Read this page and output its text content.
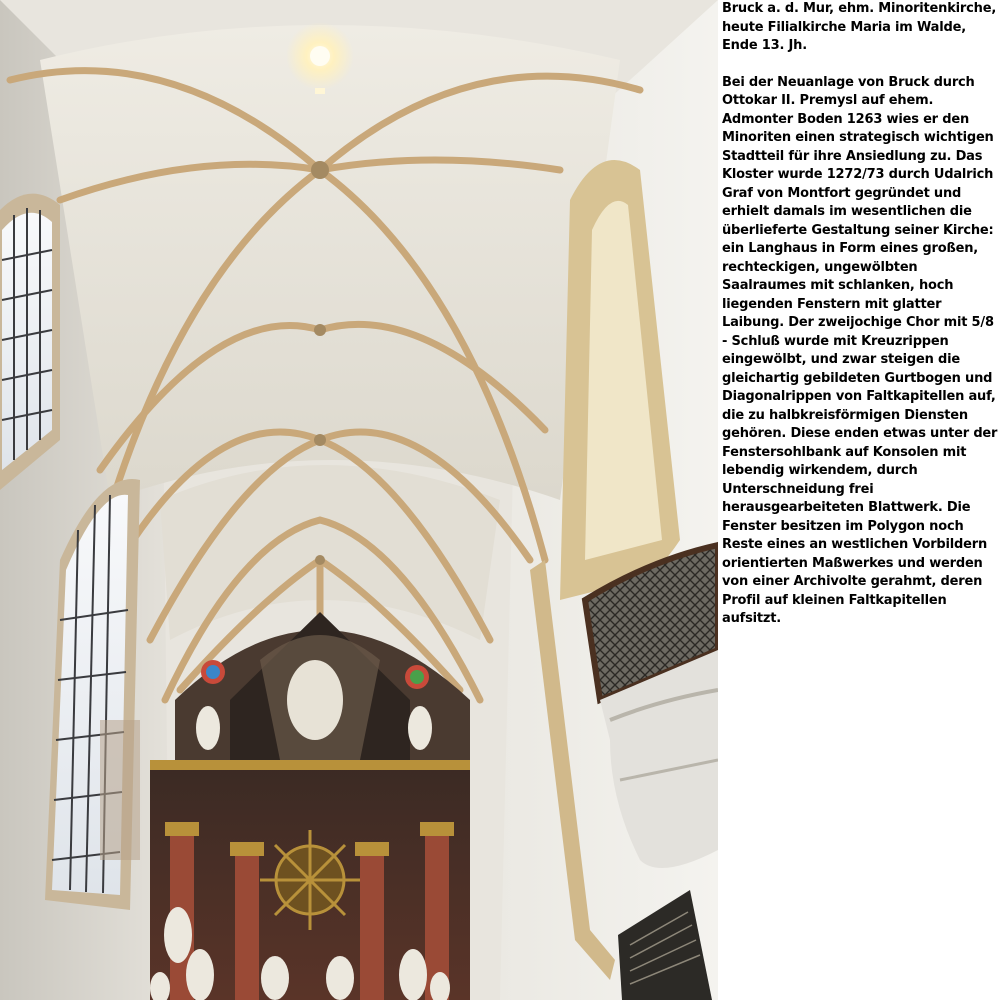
Bruck a. d. Mur, ehm. Minoritenkirche, heute Filialkirche Maria im Walde, Ende 13. Jh.

Bei der Neuanlage von Bruck durch Ottokar II. Premysl auf ehem. Admonter Boden 1263 wies er den Minoriten einen strategisch wichtigen Stadtteil für ihre Ansiedlung zu. Das Kloster wurde 1272/73 durch Udalrich Graf von Montfort gegründet und erhielt damals im wesentlichen die überlieferte Gestaltung seiner Kirche: ein Langhaus in Form eines großen, rechteckigen, ungewölbten Saalraumes mit schlanken, hoch liegenden Fenstern mit glatter Laibung. Der zweijochige Chor mit 5/8 - Schluß wurde mit Kreuzrippen eingewölbt, und zwar steigen die gleichartig gebildeten Gurtbogen und Diagonalrippen von Faltkapitellen auf, die zu halbkreisförmigen Diensten gehören. Diese enden etwas unter der Fenstersohlbank auf Konsolen mit lebendig wirkendem, durch Unterschneidung frei herausgearbeiteten Blattwerk. Die Fenster besitzen im Polygon noch Reste eines an westlichen Vorbildern orientierten Maßwerkes und werden von einer Archivolte gerahmt, deren Profil auf kleinen Faltkapitellen aufsitzt.
